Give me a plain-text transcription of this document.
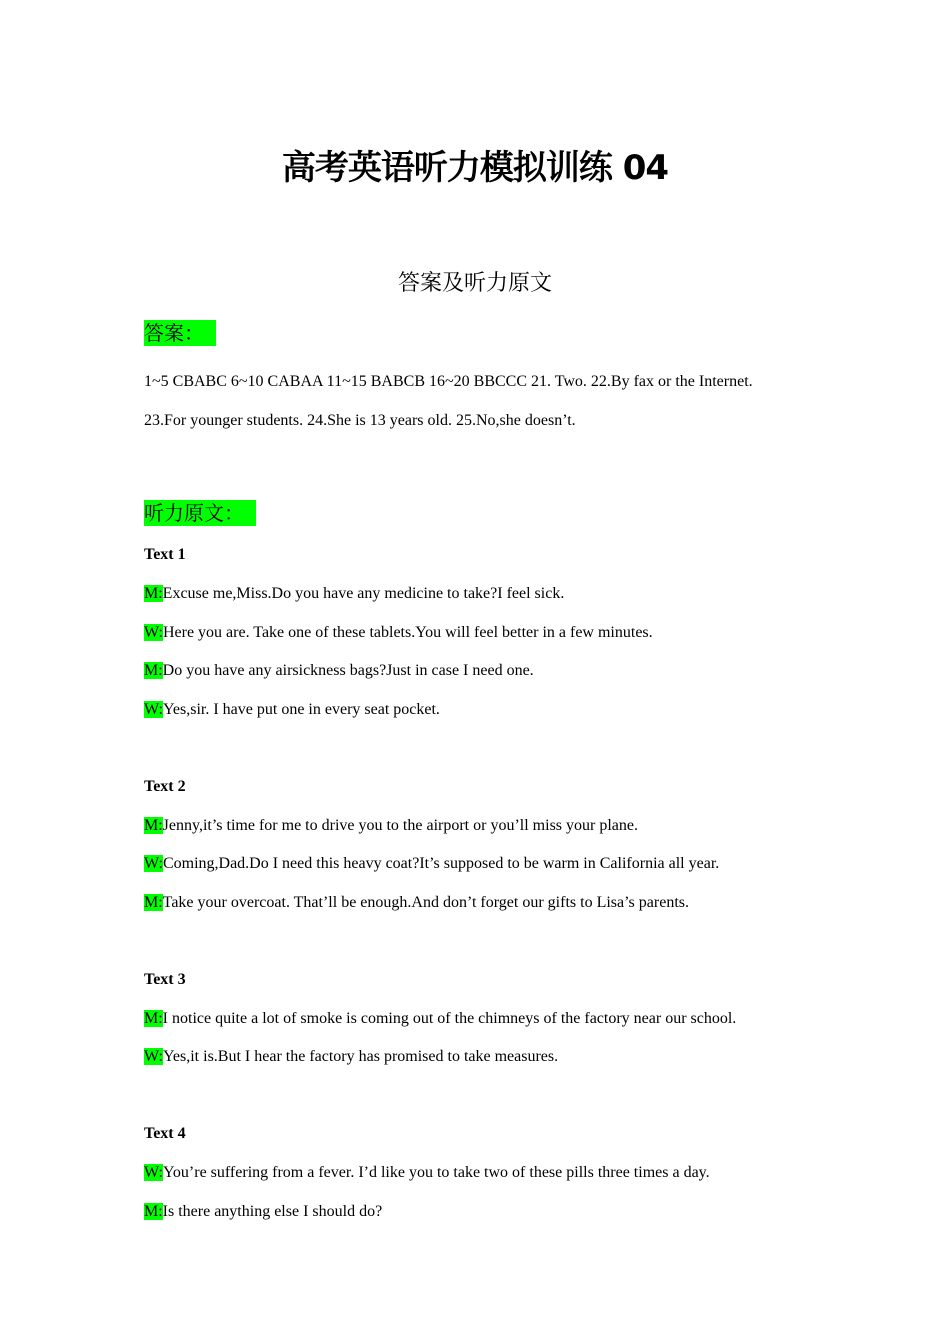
高考英语听力模拟训练 04
答案及听力原文
答案：
1~5 CBABC 6~10 CABAA 11~15 BABCB 16~20 BBCCC 21. Two. 22.By fax or the Internet.
23.For younger students. 24.She is 13 years old. 25.No,she doesn’t.
听力原文：
Text 1
M:Excuse me,Miss.Do you have any medicine to take?I feel sick.
W:Here you are. Take one of these tablets.You will feel better in a few minutes.
M:Do you have any airsickness bags?Just in case I need one.
W:Yes,sir. I have put one in every seat pocket.
Text 2
M:Jenny,it’s time for me to drive you to the airport or you’ll miss your plane.
W:Coming,Dad.Do I need this heavy coat?It’s supposed to be warm in California all year.
M:Take your overcoat. That’ll be enough.And don’t forget our gifts to Lisa’s parents.
Text 3
M:I notice quite a lot of smoke is coming out of the chimneys of the factory near our school.
W:Yes,it is.But I hear the factory has promised to take measures.
Text 4
W:You’re suffering from a fever. I’d like you to take two of these pills three times a day.
M:Is there anything else I should do?
